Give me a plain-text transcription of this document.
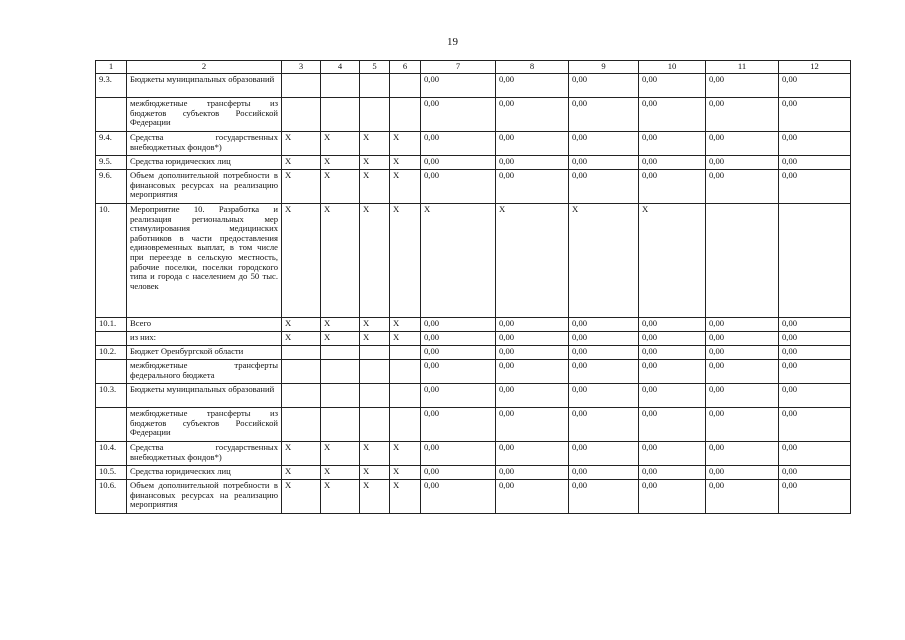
19
1	2	3	4	5	6	7	8	9	10	11	12
9.3.	Бюджеты муниципальных образований					0,00	0,00	0,00	0,00	0,00	0,00
	межбюджетные трансферты из бюджетов субъектов Российской Федерации					0,00	0,00	0,00	0,00	0,00	0,00
9.4.	Средства государственных внебюджетных фондов*)	X	X	X	X	0,00	0,00	0,00	0,00	0,00	0,00
9.5.	Средства юридических лиц	X	X	X	X	0,00	0,00	0,00	0,00	0,00	0,00
9.6.	Объем дополнительной потребности в финансовых ресурсах на реализацию мероприятия	X	X	X	X	0,00	0,00	0,00	0,00	0,00	0,00
10.	Мероприятие 10. Разработка и реализация региональных мер стимулирования медицинских работников в части предоставления единовременных выплат, в том числе при переезде в сельскую местность, рабочие поселки, поселки городского типа и города с населением до 50 тыс. человек	X	X	X	X	X	X	X	X		
10.1.	Всего	X	X	X	X	0,00	0,00	0,00	0,00	0,00	0,00
	из них:	X	X	X	X	0,00	0,00	0,00	0,00	0,00	0,00
10.2.	Бюджет Оренбургской области					0,00	0,00	0,00	0,00	0,00	0,00
	межбюджетные трансферты федерального бюджета					0,00	0,00	0,00	0,00	0,00	0,00
10.3.	Бюджеты муниципальных образований					0,00	0,00	0,00	0,00	0,00	0,00
	межбюджетные трансферты из бюджетов субъектов Российской Федерации					0,00	0,00	0,00	0,00	0,00	0,00
10.4.	Средства государственных внебюджетных фондов*)	X	X	X	X	0,00	0,00	0,00	0,00	0,00	0,00
10.5.	Средства юридических лиц	X	X	X	X	0,00	0,00	0,00	0,00	0,00	0,00
10.6.	Объем дополнительной потребности в финансовых ресурсах на реализацию мероприятия	X	X	X	X	0,00	0,00	0,00	0,00	0,00	0,00
